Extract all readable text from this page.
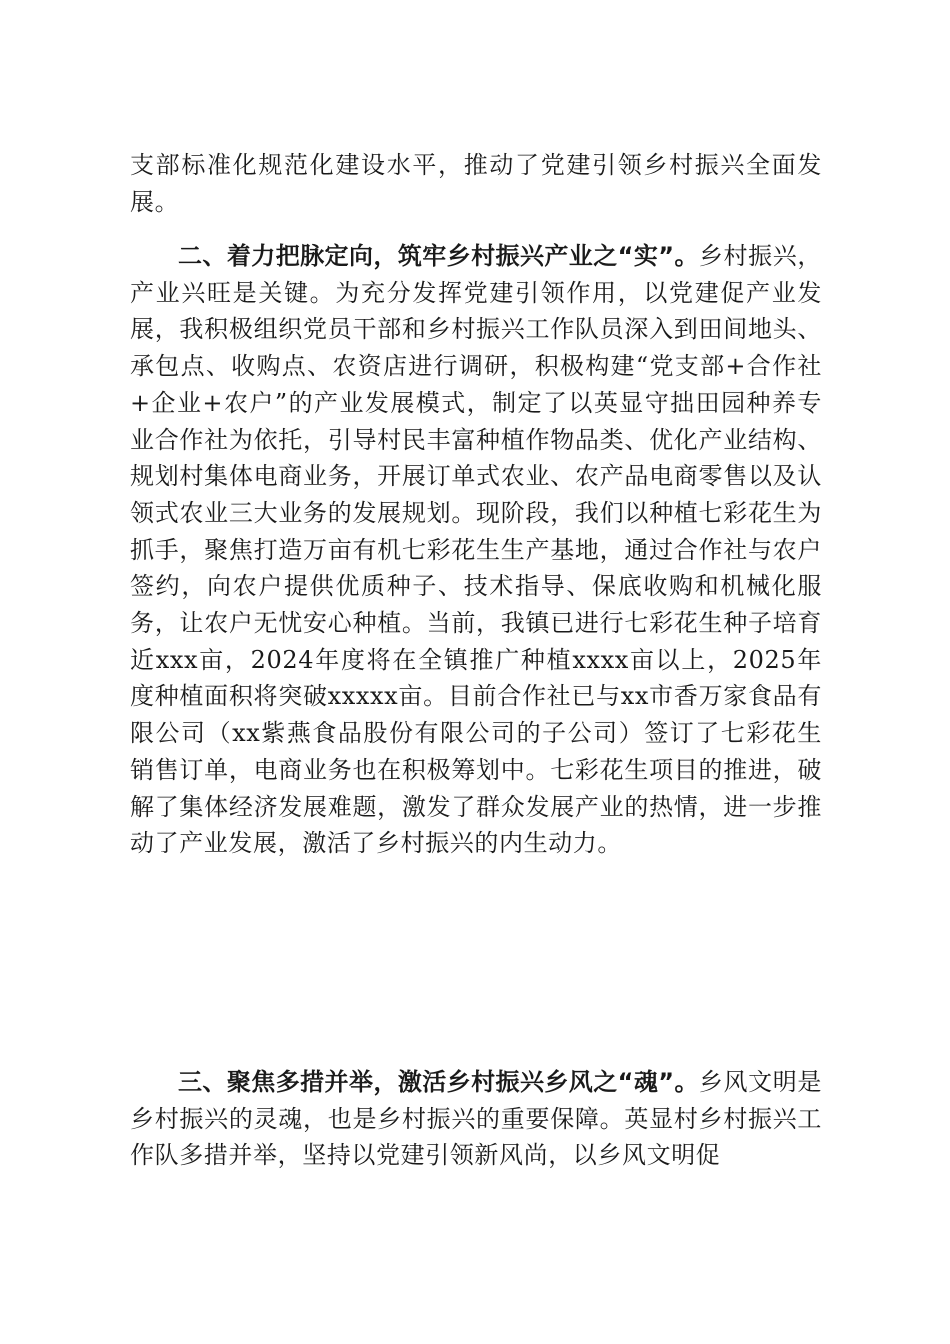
支部标准化规范化建设水平，推动了党建引领乡村振兴全面发展。

二、着力把脉定向，筑牢乡村振兴产业之“实”。乡村振兴，产业兴旺是关键。为充分发挥党建引领作用，以党建促产业发展，我积极组织党员干部和乡村振兴工作队员深入到田间地头、承包点、收购点、农资店进行调研，积极构建“党支部+合作社+企业+农户”的产业发展模式，制定了以英显守拙田园种养专业合作社为依托，引导村民丰富种植作物品类、优化产业结构、规划村集体电商业务，开展订单式农业、农产品电商零售以及认领式农业三大业务的发展规划。现阶段，我们以种植七彩花生为抓手，聚焦打造万亩有机七彩花生生产基地，通过合作社与农户签约，向农户提供优质种子、技术指导、保底收购和机械化服务，让农户无忧安心种植。当前，我镇已进行七彩花生种子培育近xxx亩，2024年度将在全镇推广种植xxxx亩以上，2025年度种植面积将突破xxxxx亩。目前合作社已与xx市香万家食品有限公司（xx紫燕食品股份有限公司的子公司）签订了七彩花生销售订单，电商业务也在积极筹划中。七彩花生项目的推进，破解了集体经济发展难题，激发了群众发展产业的热情，进一步推动了产业发展，激活了乡村振兴的内生动力。

三、聚焦多措并举，激活乡村振兴乡风之“魂”。乡风文明是乡村振兴的灵魂，也是乡村振兴的重要保障。英显村乡村振兴工作队多措并举，坚持以党建引领新风尚，以乡风文明促
